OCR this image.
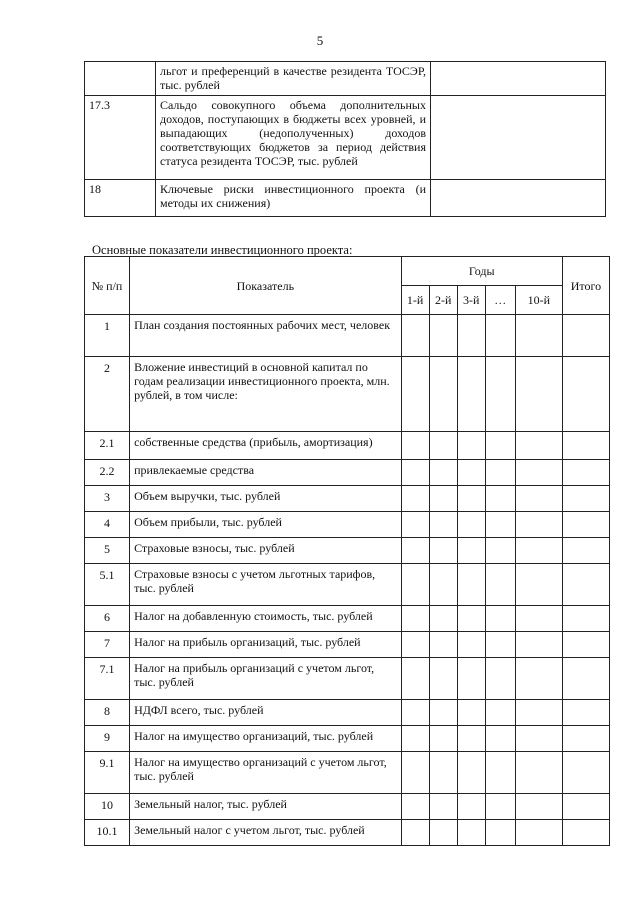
5
	льгот и преференций в качестве резидента ТОСЭР, тыс. рублей	
17.3	Сальдо совокупного объема дополнительных доходов, поступающих в бюджеты всех уровней, и выпадающих (недополученных) доходов соответствующих бюджетов за период действия статуса резидента ТОСЭР, тыс. рублей	
18	Ключевые риски инвестиционного проекта (и методы их снижения)	
Основные показатели инвестиционного проекта:
№ п/п	Показатель	Годы					Итого
		1-й	2-й	3-й	…	10-й	
1	План создания постоянных рабочих мест, человек						
2	Вложение инвестиций в основной капитал по годам реализации инвестиционного проекта, млн. рублей, в том числе:						
2.1	собственные средства (прибыль, амортизация)						
2.2	привлекаемые средства						
3	Объем выручки, тыс. рублей						
4	Объем прибыли, тыс. рублей						
5	Страховые взносы, тыс. рублей						
5.1	Страховые взносы с учетом льготных тарифов, тыс. рублей						
6	Налог на добавленную стоимость, тыс. рублей						
7	Налог на прибыль организаций, тыс. рублей						
7.1	Налог на прибыль организаций с учетом льгот, тыс. рублей						
8	НДФЛ всего, тыс. рублей						
9	Налог на имущество организаций, тыс. рублей						
9.1	Налог на имущество организаций с учетом льгот, тыс. рублей						
10	Земельный налог, тыс. рублей						
10.1	Земельный налог с учетом льгот, тыс. рублей						
